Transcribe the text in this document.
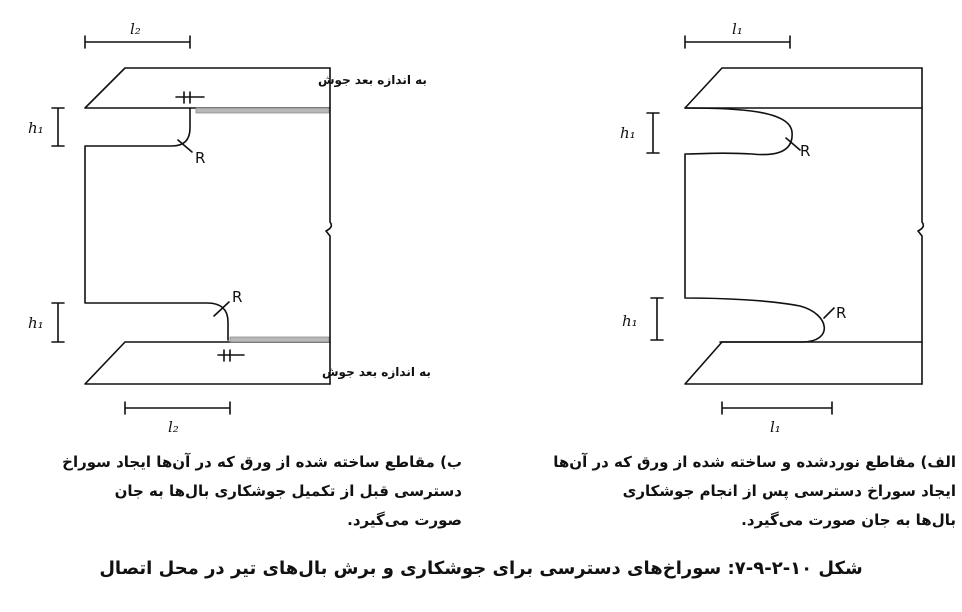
l₂
l₂
h₁
h₁
R
R
به اندازه بعد جوش
به اندازه بعد جوش
l₁
l₁
h₁
h₁
R
R
ب) مقاطع ساخته شده از ورق که در آن‌ها ایجاد سوراخ
دسترسی قبل از تکمیل جوشکاری بال‌ها به جان
صورت می‌گیرد.
الف) مقاطع نوردشده و ساخته شده از ورق که در آن‌ها
ایجاد سوراخ دسترسی پس از انجام جوشکاری
بال‌ها به جان صورت می‌گیرد.
شکل ۱۰-۲-۹-۷: سوراخ‌های دسترسی برای جوشکاری و برش بال‌های تیر در محل اتصال
